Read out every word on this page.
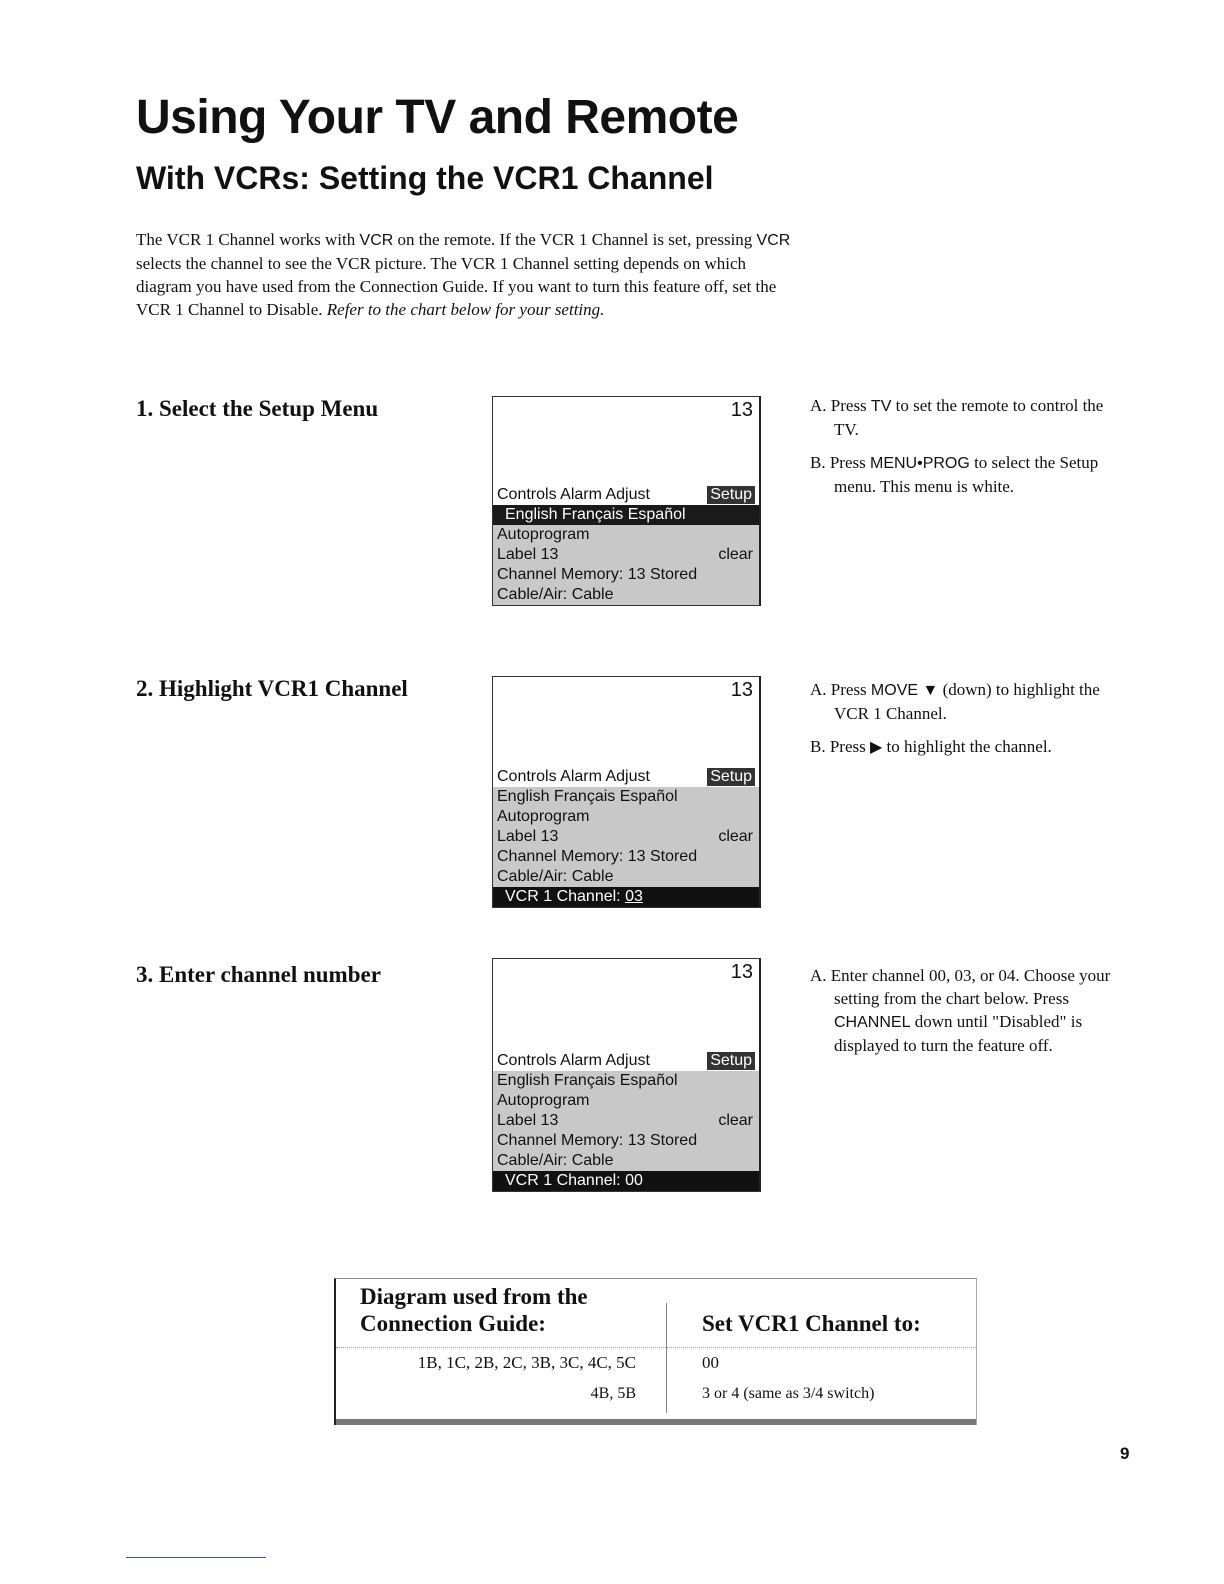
Using Your TV and Remote
With VCRs: Setting the VCR1 Channel
The VCR 1 Channel works with VCR on the remote. If the VCR 1 Channel is set, pressing VCR selects the channel to see the VCR picture. The VCR 1 Channel setting depends on which diagram you have used from the Connection Guide. If you want to turn this feature off, set the VCR 1 Channel to Disable. Refer to the chart below for your setting.
1. Select the Setup Menu	13
Controls Alarm Adjust	Setup
English Français Español
Autoprogram
Label 13	clear
Channel Memory: 13 Stored
Cable/Air: Cable

A. Press TV to set the remote to control the TV.

B. Press MENU•PROG to select the Setup menu. This menu is white.

2. Highlight VCR1 Channel	13
Controls Alarm Adjust	Setup
English Français Español
Autoprogram
Label 13	clear
Channel Memory: 13 Stored
Cable/Air: Cable
VCR 1 Channel: 03

A. Press MOVE ▼ (down) to highlight the VCR 1 Channel.

B. Press ▶ to highlight the channel.

3. Enter channel number	13
Controls Alarm Adjust	Setup
English Français Español
Autoprogram
Label 13	clear
Channel Memory: 13 Stored
Cable/Air: Cable
VCR 1 Channel: 00

A. Enter channel 00, 03, or 04. Choose your setting from the chart below. Press CHANNEL down until "Disabled" is displayed to turn the feature off.

Diagram used from the Connection Guide:	Set VCR1 Channel to:
1B, 1C, 2B, 2C, 3B, 3C, 4C, 5C	00
4B, 5B	3 or 4 (same as 3/4 switch)
9
